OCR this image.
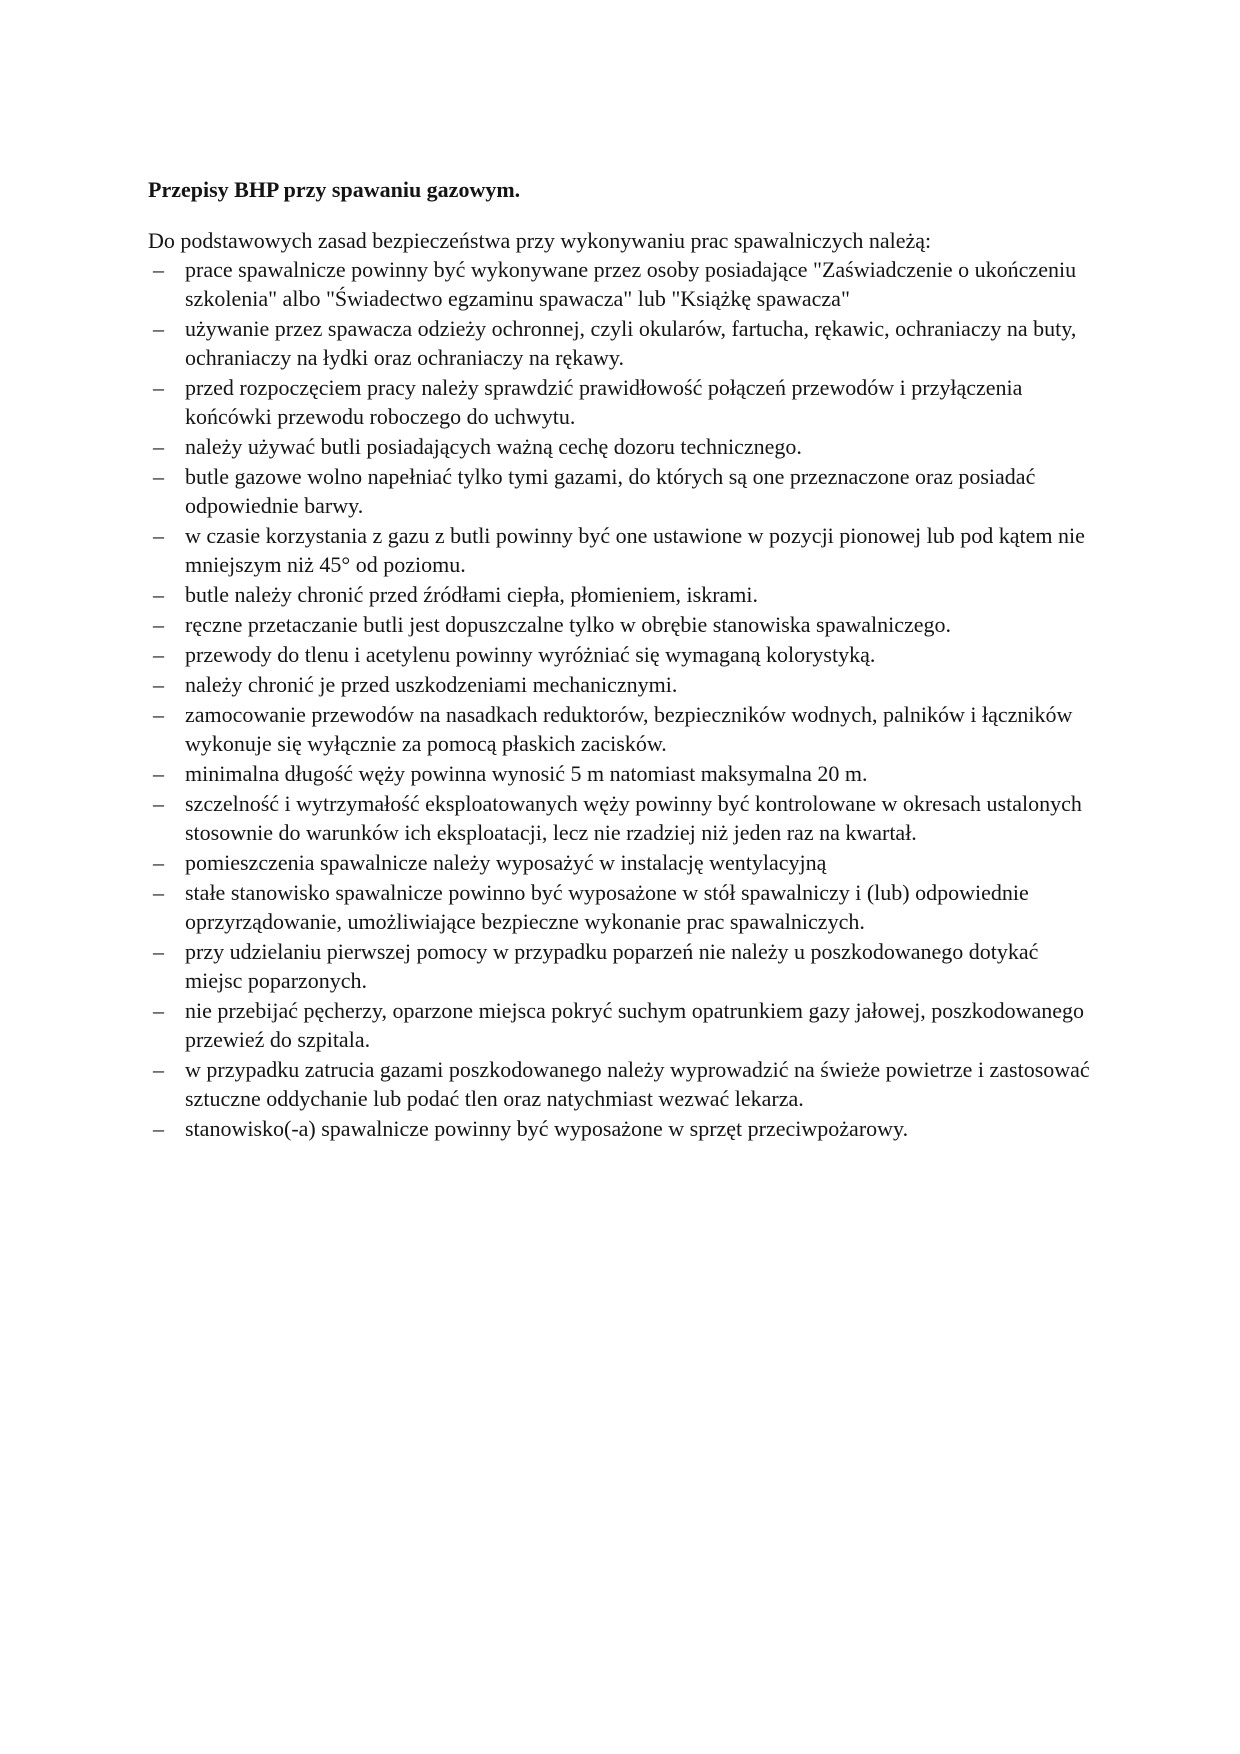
Przepisy BHP przy spawaniu gazowym.

Do podstawowych zasad bezpieczeństwa przy wykonywaniu prac spawalniczych należą:

– prace spawalnicze powinny być wykonywane przez osoby posiadające "Zaświadczenie o ukończeniu szkolenia" albo "Świadectwo egzaminu spawacza" lub "Książkę spawacza"
– używanie przez spawacza odzieży ochronnej, czyli okularów, fartucha, rękawic, ochraniaczy na buty, ochraniaczy na łydki oraz ochraniaczy na rękawy.
– przed rozpoczęciem pracy należy sprawdzić prawidłowość połączeń przewodów i przyłączenia końcówki przewodu roboczego do uchwytu.
– należy używać butli posiadających ważną cechę dozoru technicznego.
– butle gazowe wolno napełniać tylko tymi gazami, do których są one przeznaczone oraz posiadać odpowiednie barwy.
– w czasie korzystania z gazu z butli powinny być one ustawione w pozycji pionowej lub pod kątem nie mniejszym niż 45° od poziomu.
– butle należy chronić przed źródłami ciepła, płomieniem, iskrami.
– ręczne przetaczanie butli jest dopuszczalne tylko w obrębie stanowiska spawalniczego.
– przewody do tlenu i acetylenu powinny wyróżniać się wymaganą kolorystyką.
– należy chronić je przed uszkodzeniami mechanicznymi.
– zamocowanie przewodów na nasadkach reduktorów, bezpieczników wodnych, palników i łączników wykonuje się wyłącznie za pomocą płaskich zacisków.
– minimalna długość węży powinna wynosić 5 m natomiast maksymalna 20 m.
– szczelność i wytrzymałość eksploatowanych węży powinny być kontrolowane w okresach ustalonych stosownie do warunków ich eksploatacji, lecz nie rzadziej niż jeden raz na kwartał.
– pomieszczenia spawalnicze należy wyposażyć w instalację wentylacyjną
– stałe stanowisko spawalnicze powinno być wyposażone w stół spawalniczy i (lub) odpowiednie oprzyrządowanie, umożliwiające bezpieczne wykonanie prac spawalniczych.
– przy udzielaniu pierwszej pomocy w przypadku poparzeń nie należy u poszkodowanego dotykać miejsc poparzonych.
– nie przebijać pęcherzy, oparzone miejsca pokryć suchym opatrunkiem gazy jałowej, poszkodowanego przewieź do szpitala.
– w przypadku zatrucia gazami poszkodowanego należy wyprowadzić na świeże powietrze i zastosować sztuczne oddychanie lub podać tlen oraz natychmiast wezwać lekarza.
– stanowisko(-a) spawalnicze powinny być wyposażone w sprzęt przeciwpożarowy.
